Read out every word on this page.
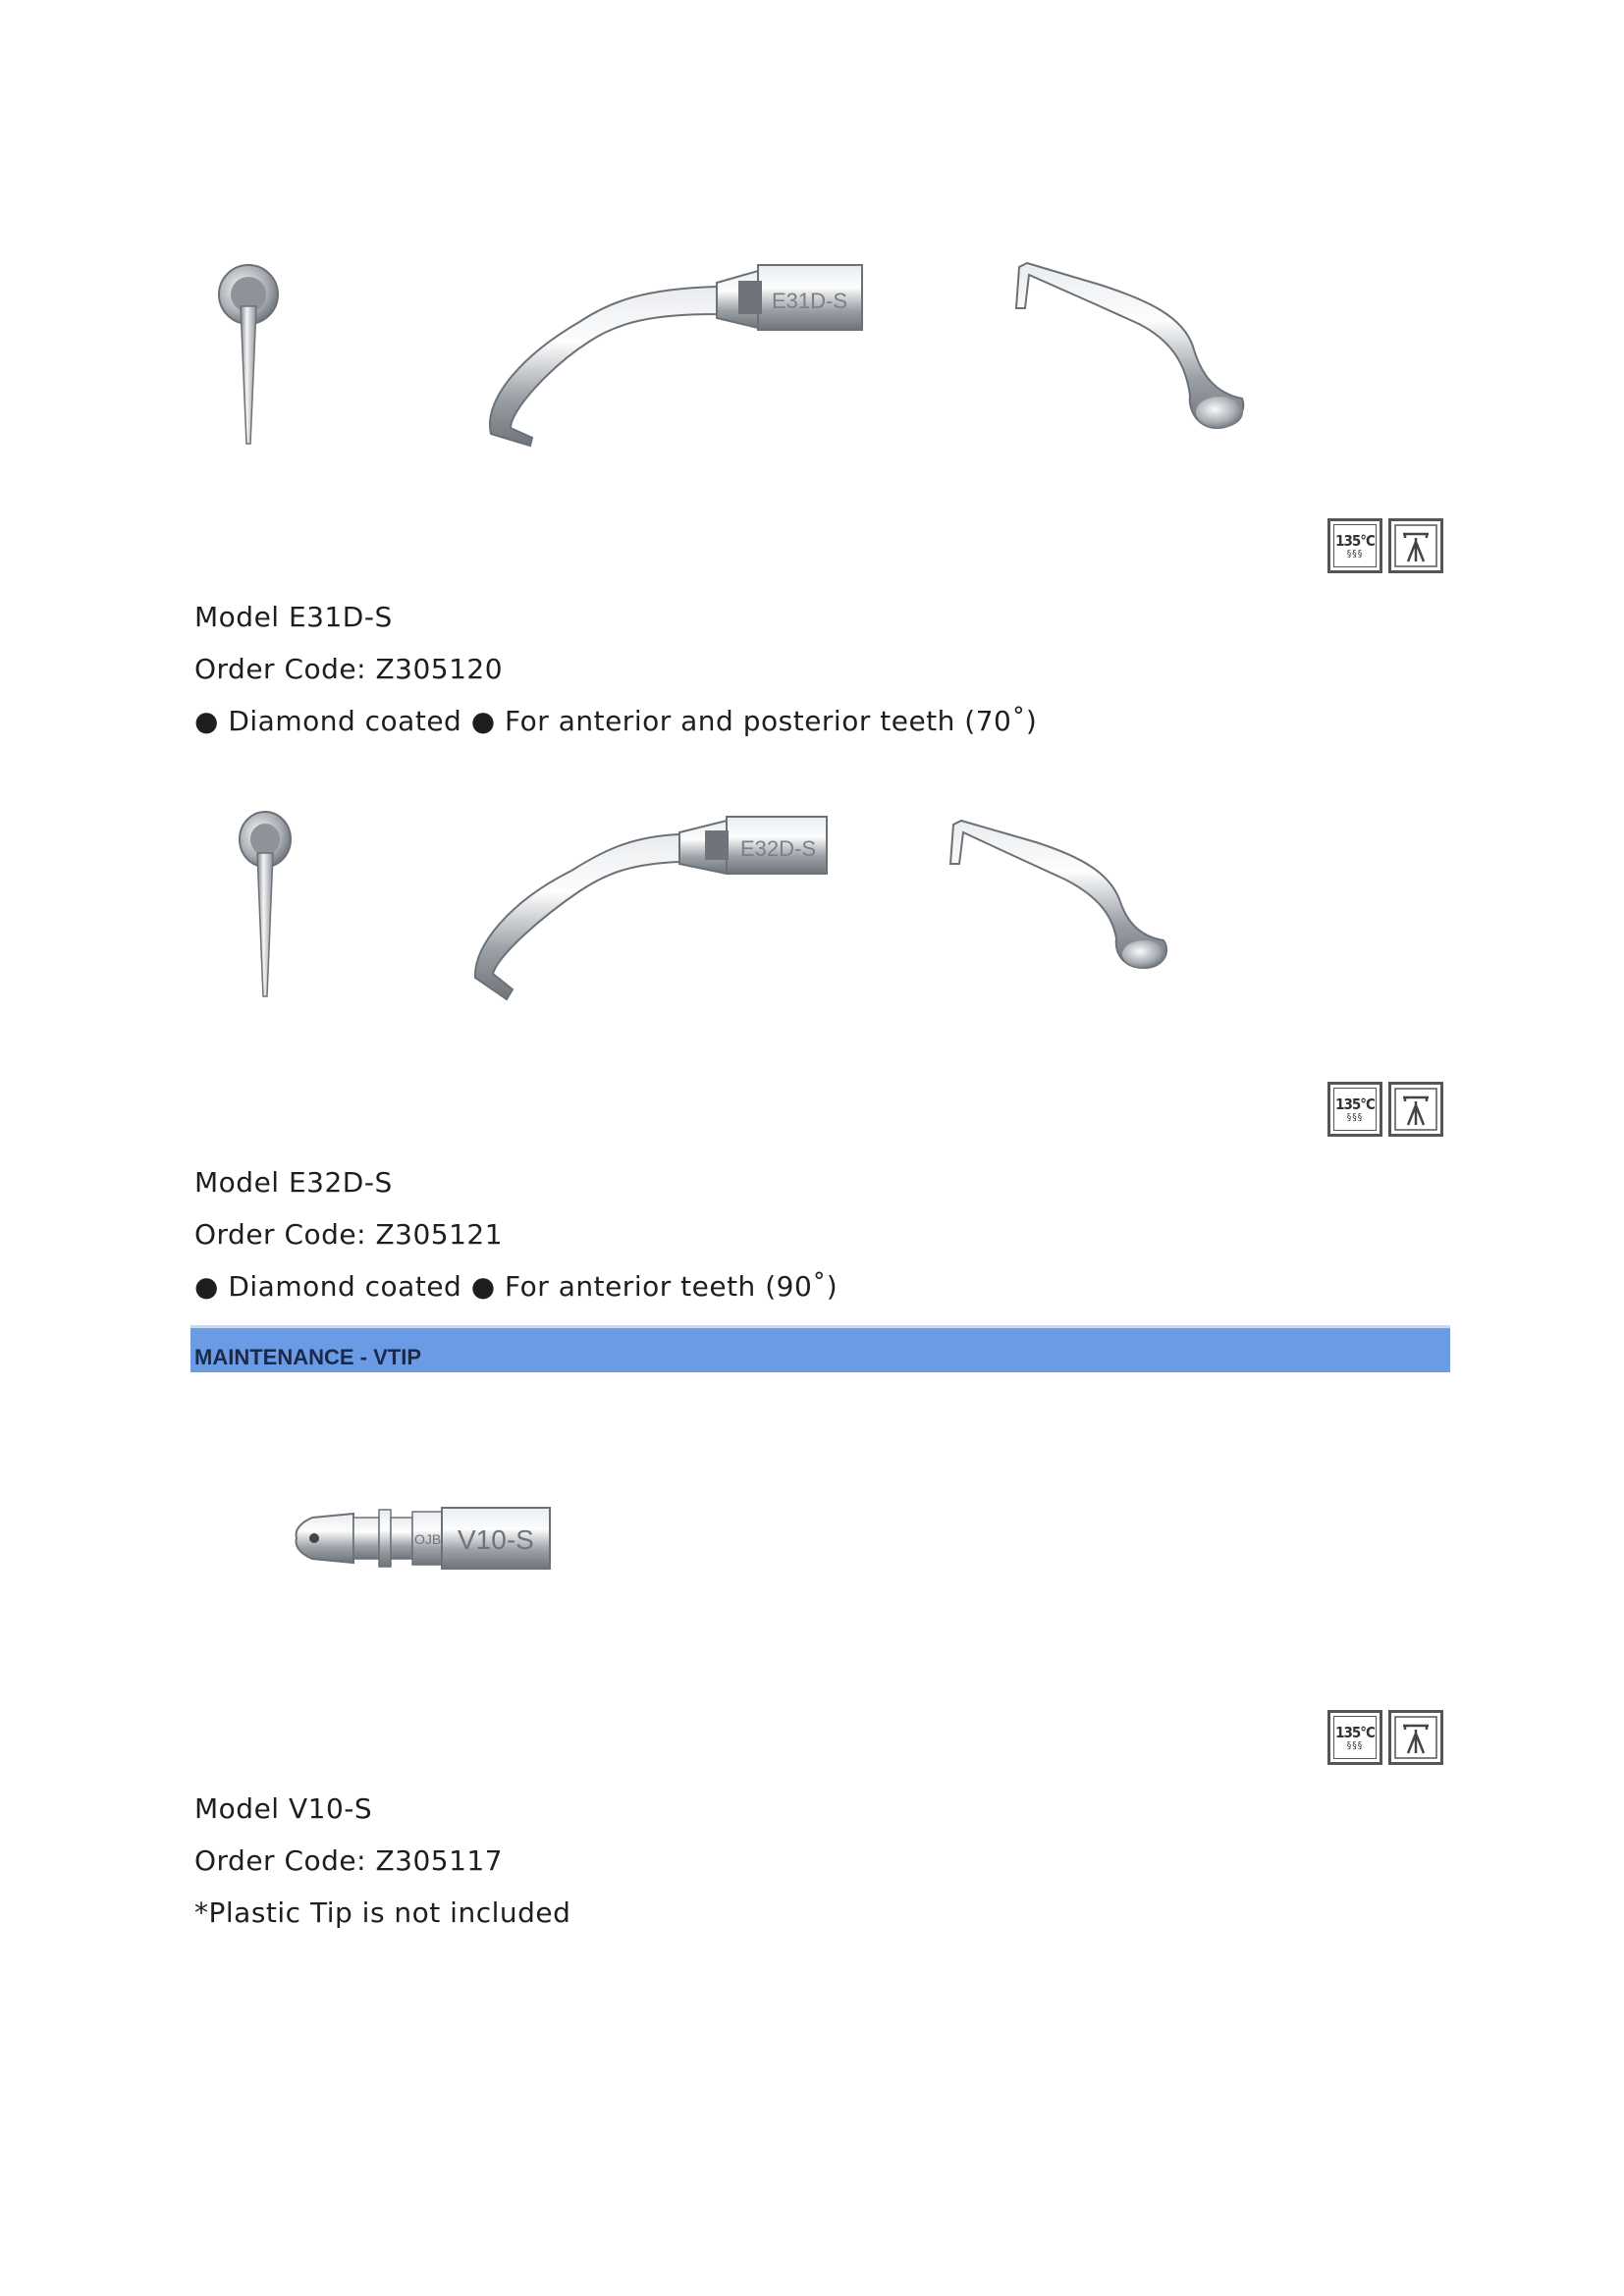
E31D-S
135°C
§§§
Model E31D-S
Order Code: Z305120
● Diamond coated ● For anterior and posterior teeth (70˚)
E32D-S
135°C
§§§
Model E32D-S
Order Code: Z305121
● Diamond coated ● For anterior teeth (90˚)
MAINTENANCE - VTIP
OJB V10-S
135°C
§§§
Model V10-S
Order Code: Z305117
*Plastic Tip is not included
